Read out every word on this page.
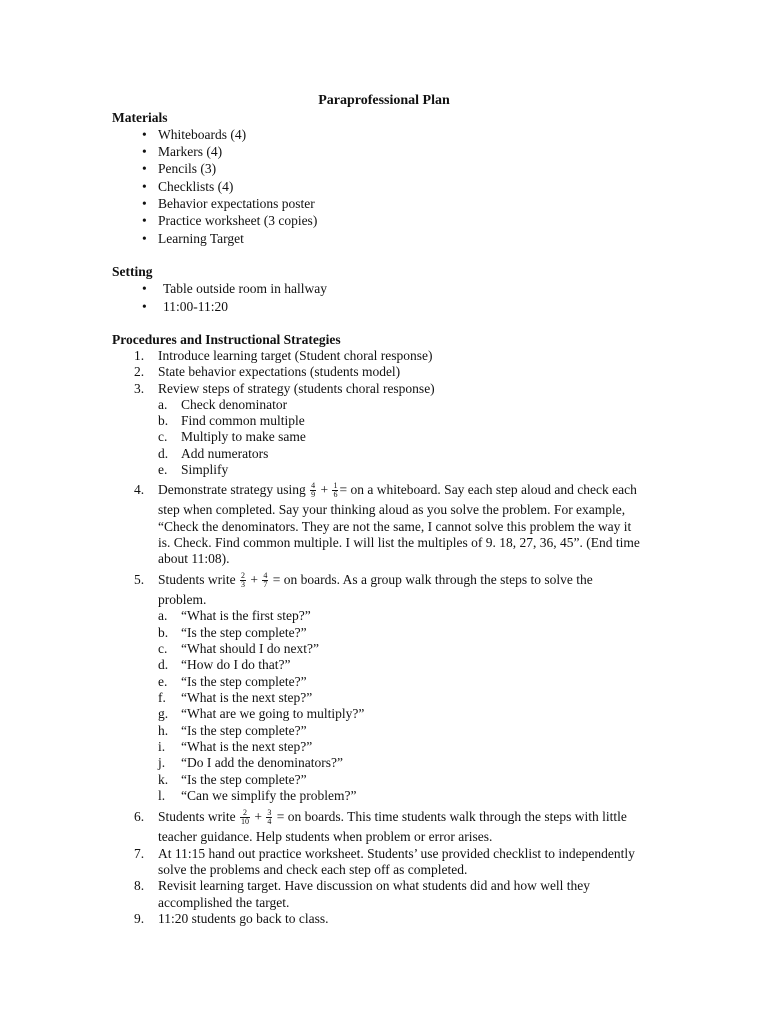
Paraprofessional Plan
Materials
• Whiteboards (4)
• Markers (4)
• Pencils (3)
• Checklists (4)
• Behavior expectations poster
• Practice worksheet (3 copies)
• Learning Target
Setting
• Table outside room in hallway
• 11:00-11:20
Procedures and Instructional Strategies
1. Introduce learning target (Student choral response)
2. State behavior expectations (students model)
3. Review steps of strategy (students choral response)
a. Check denominator
b. Find common multiple
c. Multiply to make same
d. Add numerators
e. Simplify
4. Demonstrate strategy using $\frac{4}{9} + \frac{1}{6}$ = on a whiteboard. Say each step aloud and check each
step when completed. Say your thinking aloud as you solve the problem. For example,
“Check the denominators. They are not the same, I cannot solve this problem the way it
is. Check. Find common multiple. I will list the multiples of 9. 18, 27, 36, 45”. (End time
about 11:08).
5. Students write $\frac{2}{3} + \frac{4}{7}$ = on boards. As a group walk through the steps to solve the
problem.
a. “What is the first step?”
b. “Is the step complete?”
c. “What should I do next?”
d. “How do I do that?”
e. “Is the step complete?”
f. “What is the next step?”
g. “What are we going to multiply?”
h. “Is the step complete?”
i. “What is the next step?”
j. “Do I add the denominators?”
k. “Is the step complete?”
l. “Can we simplify the problem?”
6. Students write $\frac{2}{10} + \frac{3}{4}$ = on boards. This time students walk through the steps with little
teacher guidance. Help students when problem or error arises.
7. At 11:15 hand out practice worksheet. Students’ use provided checklist to independently
solve the problems and check each step off as completed.
8. Revisit learning target. Have discussion on what students did and how well they
accomplished the target.
9. 11:20 students go back to class.
